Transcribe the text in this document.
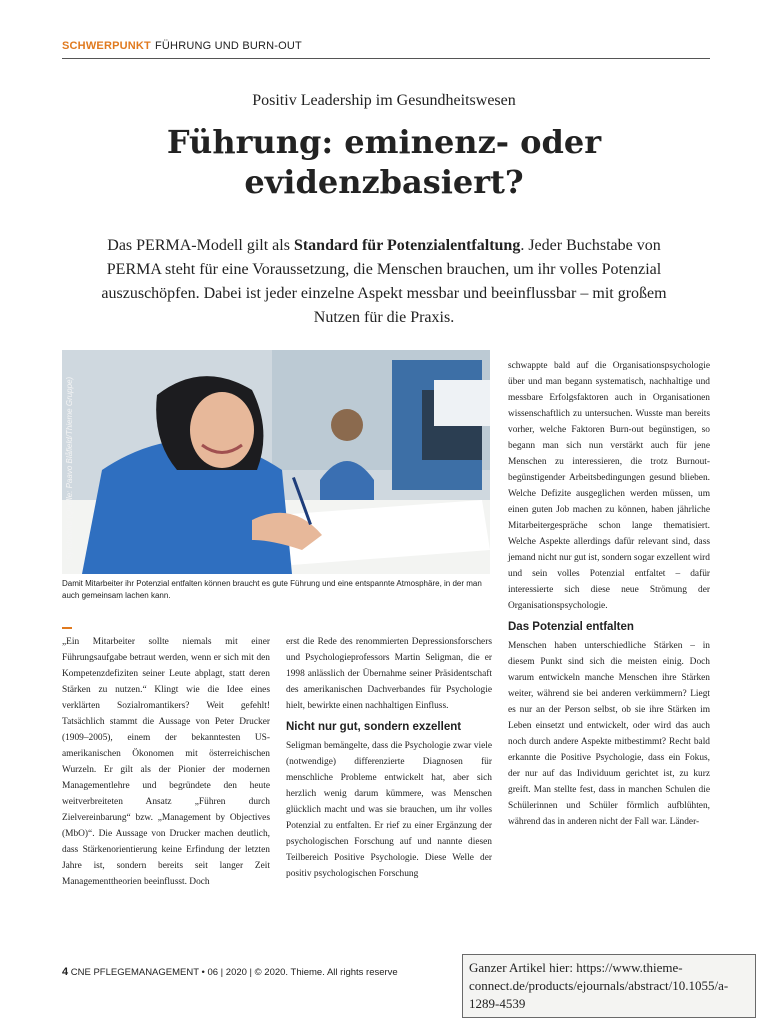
SCHWERPUNKT FÜHRUNG UND BURN-OUT
Positiv Leadership im Gesundheitswesen
Führung: eminenz- oder
evidenzbasiert?
Das PERMA-Modell gilt als Standard für Potenzialentfaltung. Jeder Buchstabe von PERMA steht für eine Voraussetzung, die Menschen brauchen, um ihr volles Potenzial auszuschöpfen. Dabei ist jeder einzelne Aspekt messbar und beeinflussbar – mit großem Nutzen für die Praxis.
Symbolbild (Quelle: Paavo Blåfield/Thieme Gruppe)
Damit Mitarbeiter ihr Potenzial entfalten können braucht es gute Führung und eine entspannte Atmosphäre, in der man auch gemeinsam lachen kann.

„Ein Mitarbeiter sollte niemals mit einer Führungsaufgabe betraut werden, wenn er sich mit den Kompetenzdefiziten seiner Leute abplagt, statt deren Stärken zu nutzen.“ Klingt wie die Idee eines verklärten Sozialromantikers? Weit gefehlt! Tatsächlich stammt die Aussage von Peter Drucker (1909–2005), einem der bekanntesten US-amerikanischen Ökonomen mit österreichischen Wurzeln. Er gilt als der Pionier der modernen Managementlehre und begründete den heute weitverbreiteten Ansatz „Führen durch Zielvereinbarung“ bzw. „Management by Objectives (MbO)“. Die Aussage von Drucker machen deutlich, dass Stärkenorientierung keine Erfindung der letzten Jahre ist, sondern bereits seit langer Zeit Managementtheorien beeinflusst. Doch

erst die Rede des renommierten Depressionsforschers und Psychologieprofessors Martin Seligman, die er 1998 anlässlich der Übernahme seiner Präsidentschaft des amerikanischen Dachverbandes für Psychologie hielt, bewirkte einen nachhaltigen Einfluss.

Nicht nur gut, sondern exzellent

Seligman bemängelte, dass die Psychologie zwar viele (notwendige) differenzierte Diagnosen für menschliche Probleme entwickelt hat, aber sich herzlich wenig darum kümmere, was Menschen glücklich macht und was sie brauchen, um ihr volles Potenzial zu entfalten. Er rief zu einer Ergänzung der psychologischen Forschung auf und nannte diesen Teilbereich Positive Psychologie. Diese Welle der positiv psychologischen Forschung

schwappte bald auf die Organisationspsychologie über und man begann systematisch, nachhaltige und messbare Erfolgsfaktoren auch in Organisationen wissenschaftlich zu untersuchen. Wusste man bereits vorher, welche Faktoren Burn-out begünstigen, so begann man sich nun verstärkt auch für jene Menschen zu interessieren, die trotz Burnout-begünstigender Arbeitsbedingungen gesund blieben. Welche Defizite ausgeglichen werden müssen, um einen guten Job machen zu können, haben jährliche Mitarbeitergespräche schon lange thematisiert. Welche Aspekte allerdings dafür relevant sind, dass jemand nicht nur gut ist, sondern sogar exzellent wird und sein volles Potenzial entfaltet – dafür interessierte sich diese neue Strömung der Organisationspsychologie.

Das Potenzial entfalten

Menschen haben unterschiedliche Stärken – in diesem Punkt sind sich die meisten einig. Doch warum entwickeln manche Menschen ihre Stärken weiter, während sie bei anderen verkümmern? Liegt es nur an der Person selbst, ob sie ihre Stärken im Leben einsetzt und entwickelt, oder wird das auch noch durch andere Aspekte mitbestimmt? Recht bald erkannte die Positive Psychologie, dass ein Fokus, der nur auf das Individuum gerichtet ist, zu kurz greift. Man stellte fest, dass in manchen Schulen die Schülerinnen und Schüler förmlich aufblühten, während das in anderen nicht der Fall war. Länder-

4 CNE PFLEGEMANAGEMENT • 06 | 2020 | © 2020. Thieme. All rights reserve	Ganzer Artikel hier: https://www.thieme-connect.de/products/ejournals/abstract/10.1055/a-1289-4539
